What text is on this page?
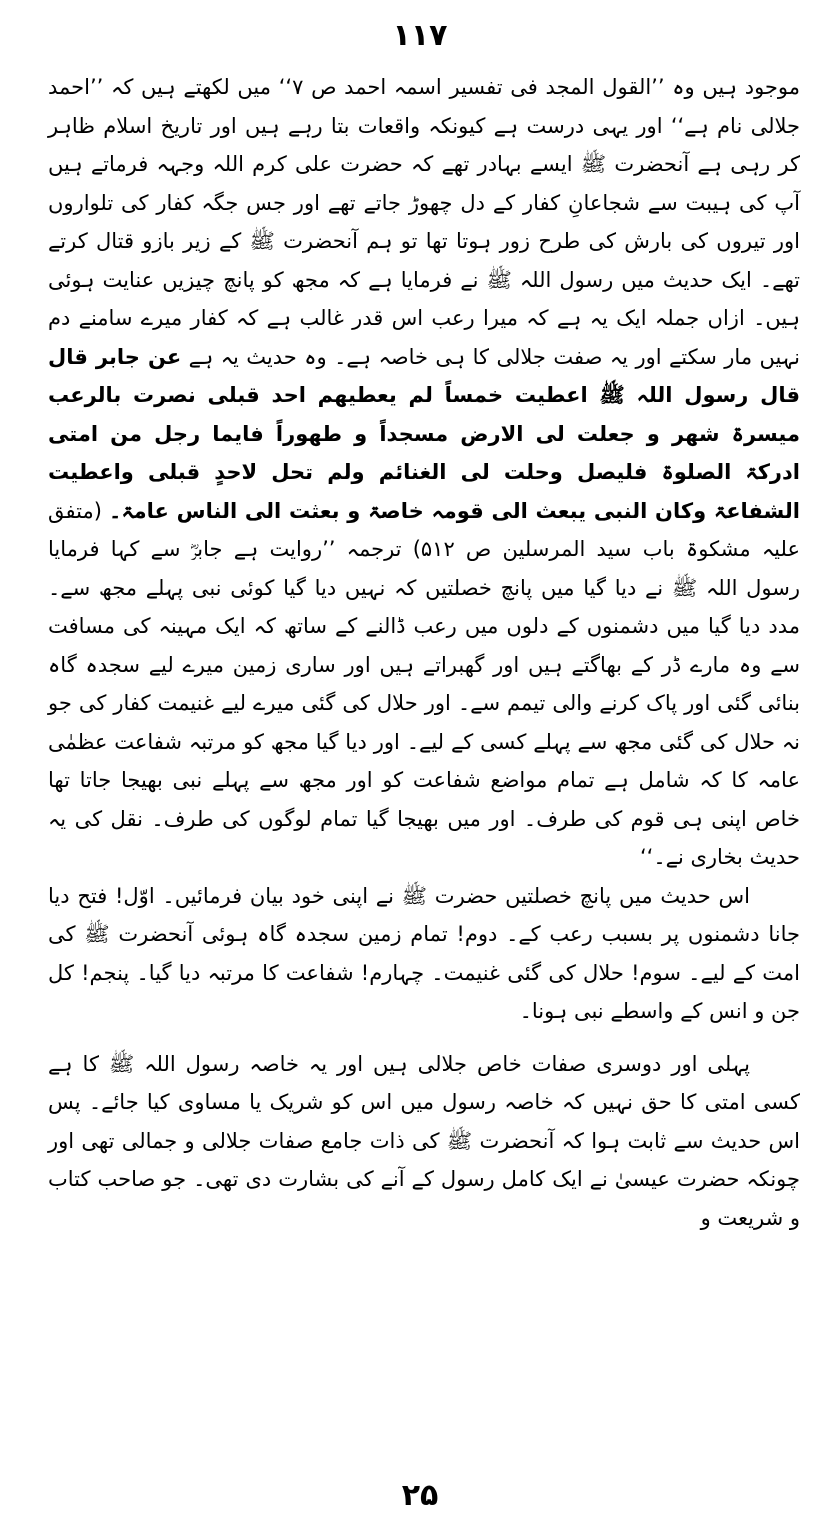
۱۱۷

موجود ہیں وہ ’’القول المجد فی تفسیر اسمہ احمد ص ۷‘‘ میں لکھتے ہیں کہ ’’احمد جلالی نام ہے‘‘ اور یہی درست ہے کیونکہ واقعات بتا رہے ہیں اور تاریخ اسلام ظاہر کر رہی ہے آنحضرت ﷺ ایسے بہادر تھے کہ حضرت علی کرم اللہ وجہہ فرماتے ہیں آپ کی ہیبت سے شجاعانِ کفار کے دل چھوڑ جاتے تھے اور جس جگہ کفار کی تلواروں اور تیروں کی بارش کی طرح زور ہوتا تھا تو ہم آنحضرت ﷺ کے زیر بازو قتال کرتے تھے۔ ایک حدیث میں رسول اللہ ﷺ نے فرمایا ہے کہ مجھ کو پانچ چیزیں عنایت ہوئی ہیں۔ ازاں جملہ ایک یہ ہے کہ میرا رعب اس قدر غالب ہے کہ کفار میرے سامنے دم نہیں مار سکتے اور یہ صفت جلالی کا ہی خاصہ ہے۔ وہ حدیث یہ ہے عن جابر قال قال رسول اللہ ﷺ اعطیت خمساً لم یعطیھم احد قبلی نصرت بالرعب میسرۃ شھر و جعلت لی الارض مسجداً و طھوراً فایما رجل من امتی ادرکۃ الصلوۃ فلیصل وحلت لی الغنائم ولم تحل لاحدٍ قبلی واعطیت الشفاعۃ وکان النبی یبعث الی قومہ خاصۃ و بعثت الی الناس عامۃ۔ (متفق علیہ مشکوۃ باب سید المرسلین ص ۵۱۲) ترجمہ ’’روایت ہے جابرؓ سے کہا فرمایا رسول اللہ ﷺ نے دیا گیا میں پانچ خصلتیں کہ نہیں دیا گیا کوئی نبی پہلے مجھ سے۔ مدد دیا گیا میں دشمنوں کے دلوں میں رعب ڈالنے کے ساتھ کہ ایک مہینہ کی مسافت سے وہ مارے ڈر کے بھاگتے ہیں اور گھبراتے ہیں اور ساری زمین میرے لیے سجدہ گاہ بنائی گئی اور پاک کرنے والی تیمم سے۔ اور حلال کی گئی میرے لیے غنیمت کفار کی جو نہ حلال کی گئی مجھ سے پہلے کسی کے لیے۔ اور دیا گیا مجھ کو مرتبہ شفاعت عظمٰی عامہ کا کہ شامل ہے تمام مواضع شفاعت کو اور مجھ سے پہلے نبی بھیجا جاتا تھا خاص اپنی ہی قوم کی طرف۔ اور میں بھیجا گیا تمام لوگوں کی طرف۔ نقل کی یہ حدیث بخاری نے۔‘‘

اس حدیث میں پانچ خصلتیں حضرت ﷺ نے اپنی خود بیان فرمائیں۔ اوّل! فتح دیا جانا دشمنوں پر بسبب رعب کے۔ دوم! تمام زمین سجدہ گاہ ہوئی آنحضرت ﷺ کی امت کے لیے۔ سوم! حلال کی گئی غنیمت۔ چہارم! شفاعت کا مرتبہ دیا گیا۔ پنجم! کل جن و انس کے واسطے نبی ہونا۔

پہلی اور دوسری صفات خاص جلالی ہیں اور یہ خاصہ رسول اللہ ﷺ کا ہے کسی امتی کا حق نہیں کہ خاصہ رسول میں اس کو شریک یا مساوی کیا جائے۔ پس اس حدیث سے ثابت ہوا کہ آنحضرت ﷺ کی ذات جامع صفات جلالی و جمالی تھی اور چونکہ حضرت عیسیٰ نے ایک کامل رسول کے آنے کی بشارت دی تھی۔ جو صاحب کتاب و شریعت و

۲۵
